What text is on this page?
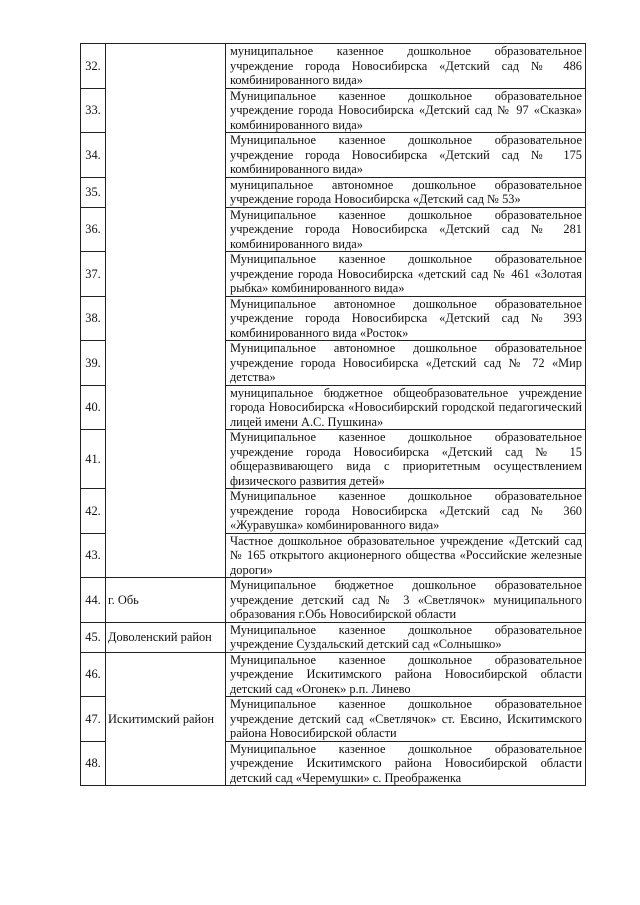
32.		муниципальное казенное дошкольное образовательное учреждение города Новосибирска «Детский сад № 486 комбинированного вида»

33.		Муниципальное казенное дошкольное образовательное учреждение города Новосибирска «Детский сад № 97 «Сказка» комбинированного вида»

34.		Муниципальное казенное дошкольное образовательное учреждение города Новосибирска «Детский сад № 175 комбинированного вида»

35.		муниципальное автономное дошкольное образовательное учреждение города Новосибирска «Детский сад № 53»

36.		Муниципальное казенное дошкольное образовательное учреждение города Новосибирска «Детский сад № 281 комбинированного вида»

37.		Муниципальное казенное дошкольное образовательное учреждение города Новосибирска «детский сад № 461 «Золотая рыбка» комбинированного вида»

38.		Муниципальное автономное дошкольное образовательное учреждение города Новосибирска «Детский сад № 393 комбинированного вида «Росток»

39.		Муниципальное автономное дошкольное образовательное учреждение города Новосибирска «Детский сад № 72 «Мир детства»

40.		муниципальное бюджетное общеобразовательное учреждение города Новосибирска «Новосибирский городской педагогический лицей имени А.С. Пушкина»

41.		Муниципальное казенное дошкольное образовательное учреждение города Новосибирска «Детский сад № 15 общеразвивающего вида с приоритетным осуществлением физического развития детей»

42.		Муниципальное казенное дошкольное образовательное учреждение города Новосибирска «Детский сад № 360 «Журавушка» комбинированного вида»

43.		Частное дошкольное образовательное учреждение «Детский сад № 165 открытого акционерного общества «Российские железные дороги»

44.	г. Обь	Муниципальное бюджетное дошкольное образовательное учреждение детский сад № 3 «Светлячок» муниципального образования г.Обь Новосибирской области

45.	Доволенский район	Муниципальное казенное дошкольное образовательное учреждение Суздальский детский сад «Солнышко»

46.	Искитимский район	Муниципальное казенное дошкольное образовательное учреждение Искитимского района Новосибирской области детский сад «Огонек» р.п. Линево

47.		Муниципальное казенное дошкольное образовательное учреждение детский сад «Светлячок» ст. Евсино, Искитимского района Новосибирской области

48.		Муниципальное казенное дошкольное образовательное учреждение Искитимского района Новосибирской области детский сад «Черемушки» с. Преображенка
